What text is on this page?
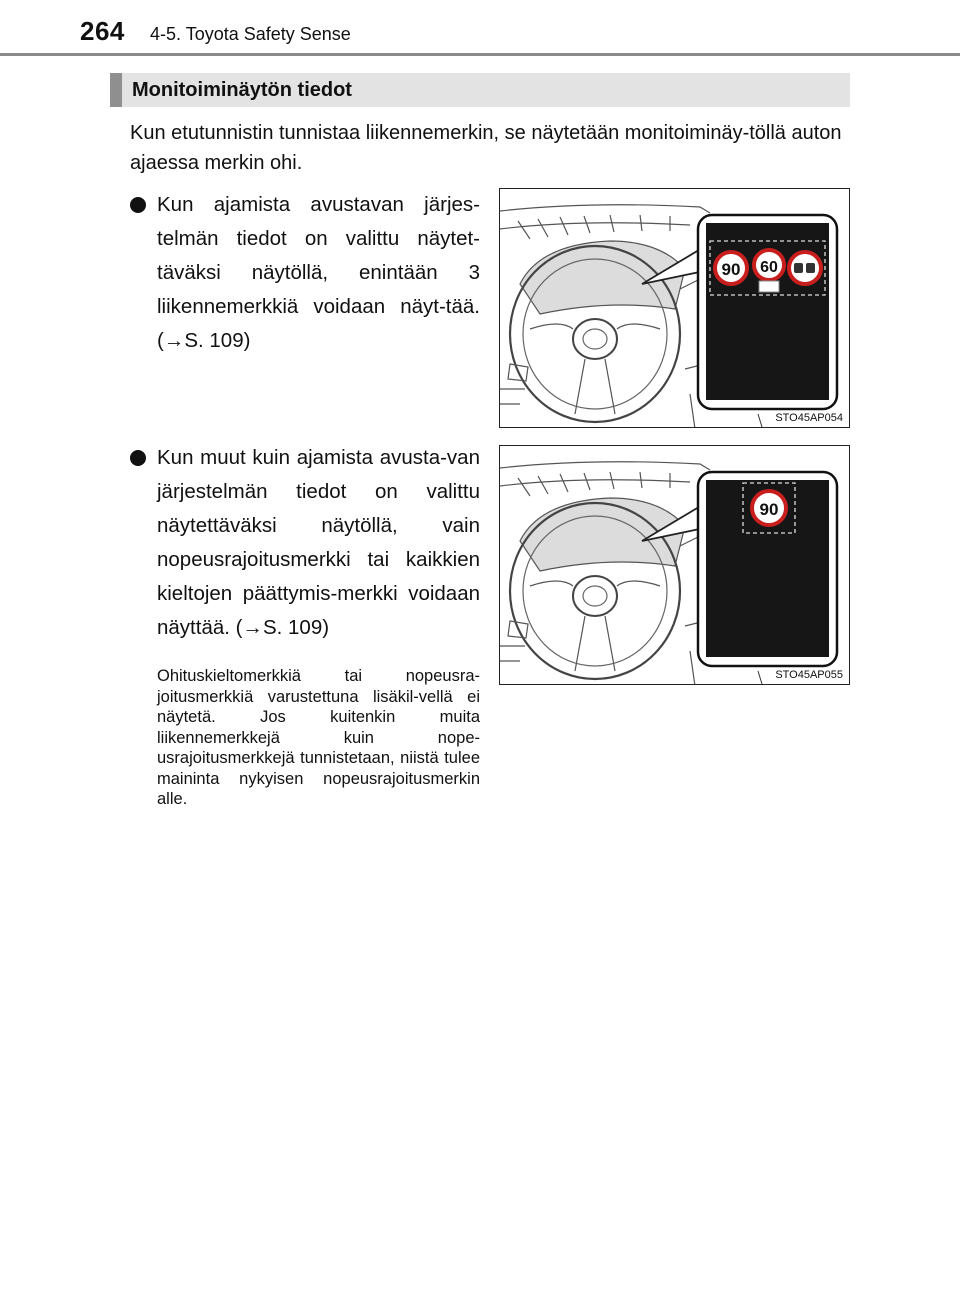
264 4-5. Toyota Safety Sense
Monitoiminäytön tiedot

Kun etutunnistin tunnistaa liikennemerkin, se näytetään monitoiminäy-töllä auton ajaessa merkin ohi.

Kun ajamista avustavan järjes-telmän tiedot on valittu näytet-täväksi näytöllä, enintään 3 liikennemerkkiä voidaan näyt-tää. (→S. 109)
Kun muut kuin ajamista avusta-van järjestelmän tiedot on valittu näytettäväksi näytöllä, vain nopeusrajoitusmerkki tai kaikkien kieltojen päättymis-merkki voidaan näyttää. (→S. 109)

Ohituskieltomerkkiä tai nopeusra-joitusmerkkiä varustettuna lisäkil-vellä ei näytetä. Jos kuitenkin muita liikennemerkkejä kuin nope-usrajoitusmerkkejä tunnistetaan, niistä tulee maininta nykyisen nopeusrajoitusmerkin alle.

90 60
STO45AP054
90
STO45AP055
